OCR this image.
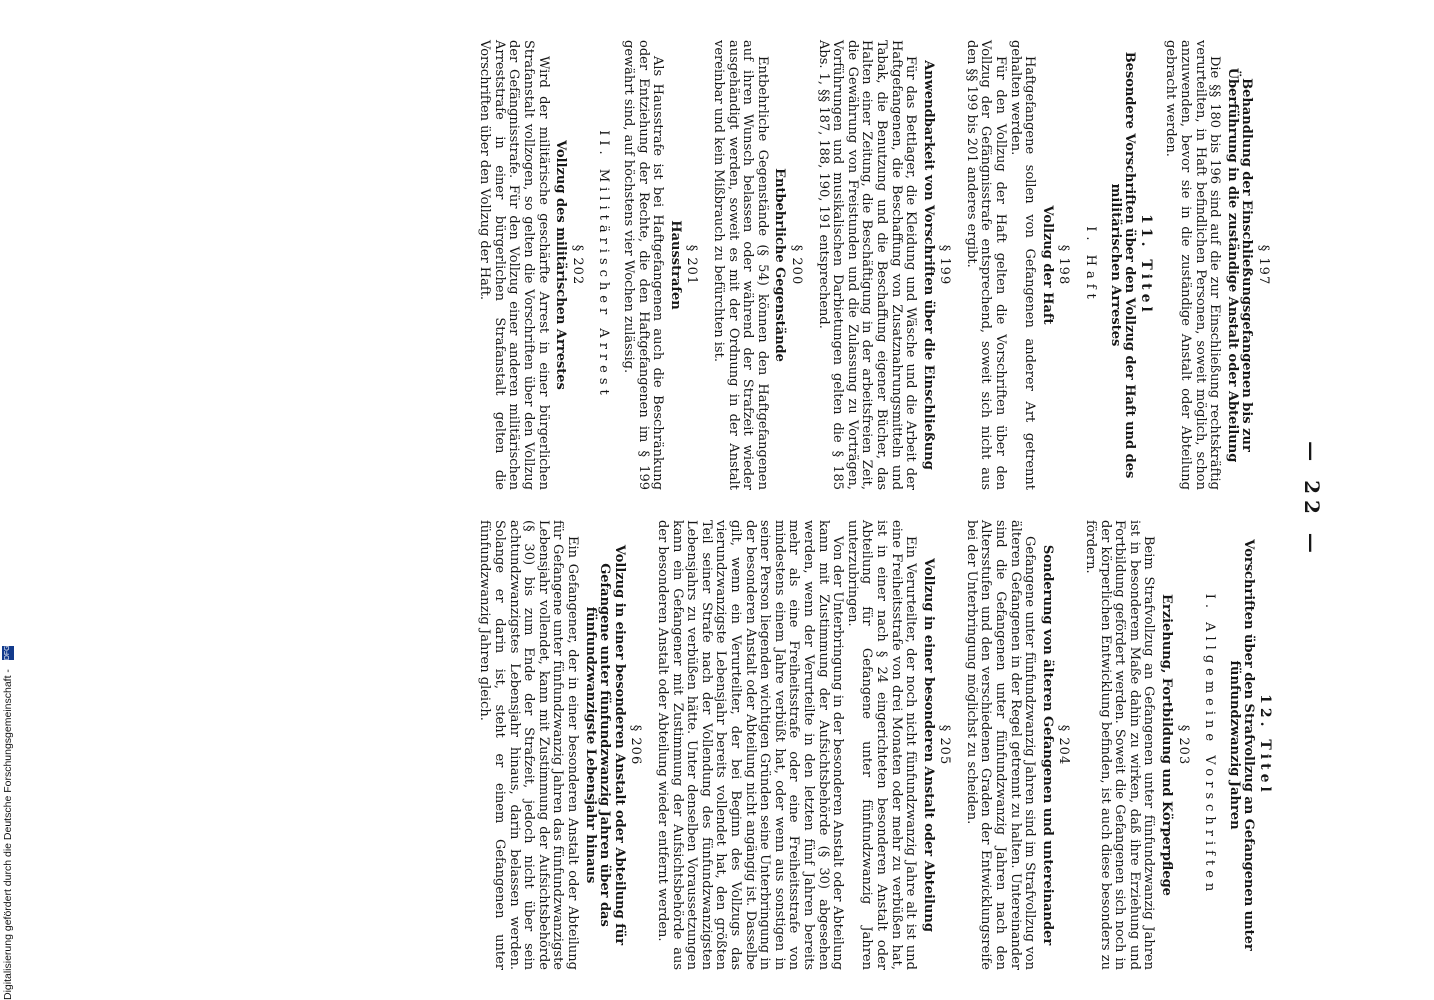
— 22 —
§ 197
Behandlung der Einschließungsgefangenen bis zur Überführung in die zuständige Anstalt oder Abteilung

Die §§ 180 bis 196 sind auf die zur Einschließung rechtskräftig verurteilten, in Haft befindlichen Personen, soweit möglich, schon anzuwenden, bevor sie in die zuständige Anstalt oder Abteilung gebracht werden.

11. Titel
Besondere Vorschriften über den Vollzug der Haft und des militärischen Arrestes
I. Haft
§ 198
Vollzug der Haft

Haftgefangene sollen von Gefangenen anderer Art getrennt gehalten werden.

Für den Vollzug der Haft gelten die Vorschriften über den Vollzug der Gefängnisstrafe entsprechend, soweit sich nicht aus den §§ 199 bis 201 anderes ergibt.

§ 199
Anwendbarkeit von Vorschriften über die Einschließung

Für das Bettlager, die Kleidung und Wäsche und die Arbeit der Haftgefangenen, die Beschaffung von Zusatznahrungsmitteln und Tabak, die Benutzung und die Beschaffung eigener Bücher, das Halten einer Zeitung, die Beschäftigung in der arbeitsfreien Zeit, die Gewährung von Freistunden und die Zulassung zu Vorträgen, Vorführungen und musikalischen Darbietungen gelten die § 185 Abs. 1, §§ 187, 188, 190, 191 entsprechend.

§ 200
Entbehrliche Gegenstände

Entbehrliche Gegenstände (§ 54) können den Haftgefangenen auf ihren Wunsch belassen oder während der Strafzeit wieder ausgehändigt werden, soweit es mit der Ordnung in der Anstalt vereinbar und kein Mißbrauch zu befürchten ist.

§ 201
Hausstrafen

Als Hausstrafe ist bei Haftgefangenen auch die Beschränkung oder Entziehung der Rechte, die den Haftgefangenen im § 199 gewährt sind, auf höchstens vier Wochen zulässig.

II. Militärischer Arrest
§ 202
Vollzug des militärischen Arrestes

Wird der militärische geschärfte Arrest in einer bürgerlichen Strafanstalt vollzogen, so gelten die Vorschriften über den Vollzug der Gefängnisstrafe. Für den Vollzug einer anderen militärischen Arreststrafe in einer bürgerlichen Strafanstalt gelten die Vorschriften über den Vollzug der Haft.

12. Titel
Vorschriften über den Strafvollzug an Gefangenen unter fünfundzwanzig Jahren
I. Allgemeine Vorschriften
§ 203
Erziehung, Fortbildung und Körperpflege

Beim Strafvollzug an Gefangenen unter fünfundzwanzig Jahren ist in besonderem Maße dahin zu wirken, daß ihre Erziehung und Fortbildung gefördert werden. Soweit die Gefangenen sich noch in der körperlichen Entwicklung befinden, ist auch diese besonders zu fördern.

§ 204
Sonderung von älteren Gefangenen und untereinander

Gefangene unter fünfundzwanzig Jahren sind im Strafvollzug von älteren Gefangenen in der Regel getrennt zu halten. Untereinander sind die Gefangenen unter fünfundzwanzig Jahren nach den Altersstufen und den verschiedenen Graden der Entwicklungsreife bei der Unterbringung möglichst zu scheiden.

§ 205
Vollzug in einer besonderen Anstalt oder Abteilung

Ein Verurteilter, der noch nicht fünfundzwanzig Jahre alt ist und eine Freiheitsstrafe von drei Monaten oder mehr zu verbüßen hat, ist in einer nach § 24 eingerichteten besonderen Anstalt oder Abteilung für Gefangene unter fünfundzwanzig Jahren unterzubringen.

Von der Unterbringung in der besonderen Anstalt oder Abteilung kann mit Zustimmung der Aufsichtsbehörde (§ 30) abgesehen werden, wenn der Verurteilte in den letzten fünf Jahren bereits mehr als eine Freiheitsstrafe oder eine Freiheitsstrafe von mindestens einem Jahre verbüßt hat, oder wenn aus sonstigen in seiner Person liegenden wichtigen Gründen seine Unterbringung in der besonderen Anstalt oder Abteilung nicht angängig ist. Dasselbe gilt, wenn ein Verurteilter, der bei Beginn des Vollzugs das vierundzwanzigste Lebensjahr bereits vollendet hat, den größten Teil seiner Strafe nach der Vollendung des fünfundzwanzigsten Lebensjahrs zu verbüßen hätte. Unter denselben Voraussetzungen kann ein Gefangener mit Zustimmung der Aufsichtsbehörde aus der besonderen Anstalt oder Abteilung wieder entfernt werden.

§ 206
Vollzug in einer besonderen Anstalt oder Abteilung für Gefangene unter fünfundzwanzig Jahren über das fünfundzwanzigste Lebensjahr hinaus

Ein Gefangener, der in einer besonderen Anstalt oder Abteilung für Gefangene unter fünfundzwanzig Jahren das fünfundzwanzigste Lebensjahr vollendet, kann mit Zustimmung der Aufsichtsbehörde (§ 30) bis zum Ende der Strafzeit, jedoch nicht über sein achtundzwanzigstes Lebensjahr hinaus, darin belassen werden. Solange er darin ist, steht er einem Gefangenen unter fünfundzwanzig Jahren gleich.

Digitalisierung gefördert durch die Deutsche Forschungsgemeinschaft - DFG
